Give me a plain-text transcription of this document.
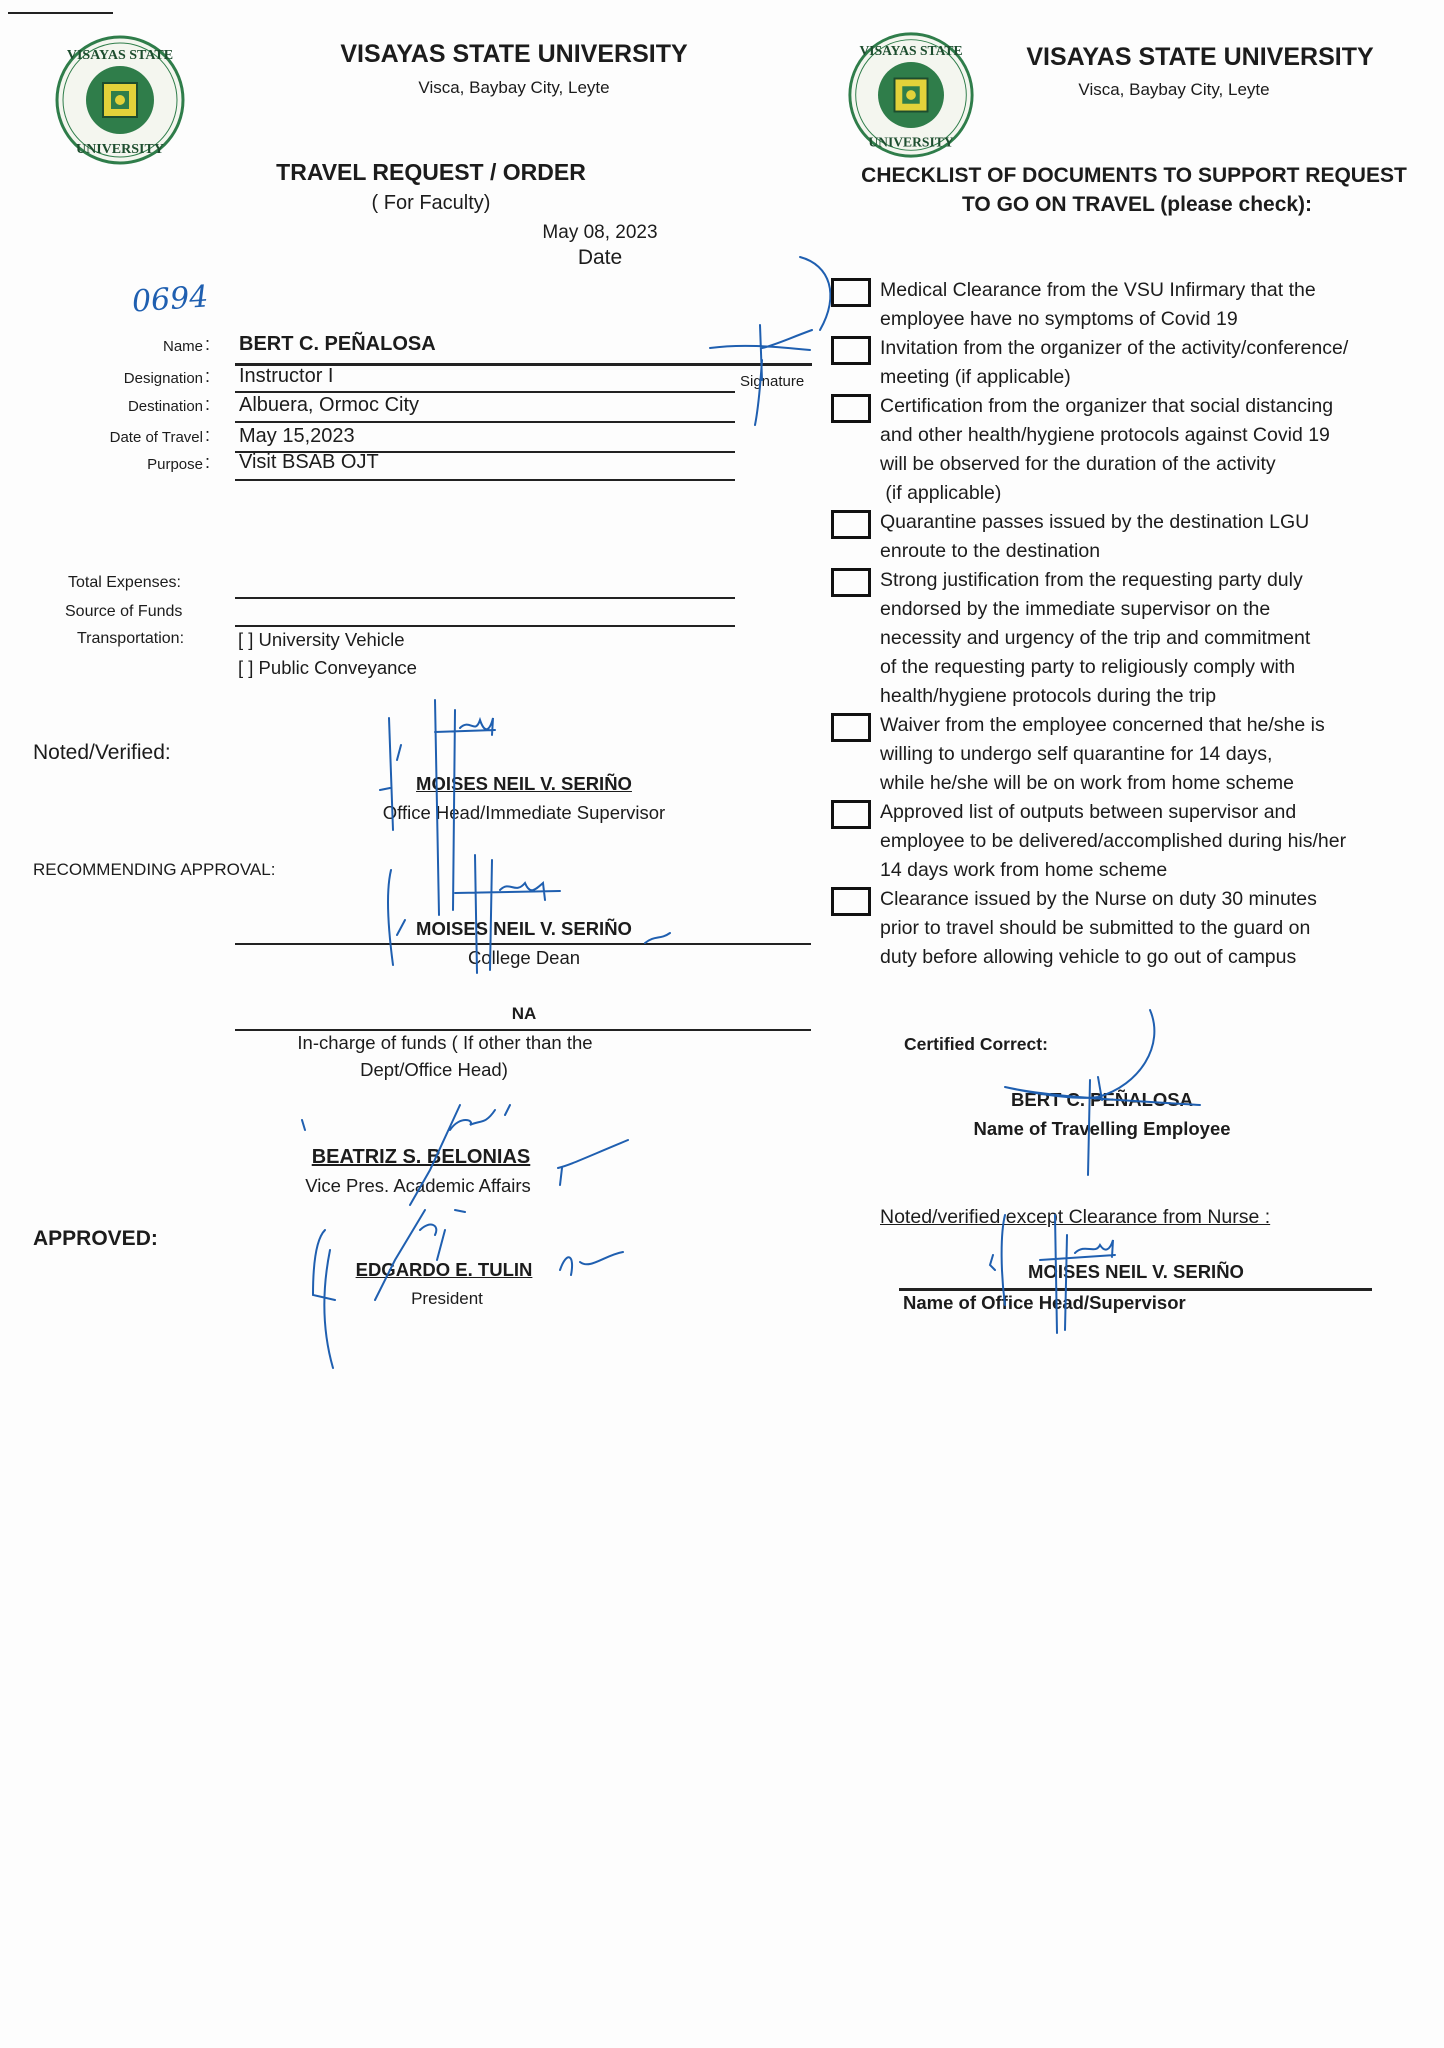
VISAYAS STATE
UNIVERSITY
VISAYAS STATE UNIVERSITY
Visca, Baybay City, Leyte
TRAVEL REQUEST / ORDER
( For Faculty)
May 08, 2023
Date
0694
Name : BERT C. PEÑALOSA
Designation : Instructor I	Signature
Destination : Albuera, Ormoc City
Date of Travel : May 15,2023
Purpose : Visit BSAB OJT
Total Expenses:
Source of Funds
Transportation:	[ ] University Vehicle
[ ] Public Conveyance
Noted/Verified:
MOISES NEIL V. SERIÑO
Office Head/Immediate Supervisor
RECOMMENDING APPROVAL:
MOISES NEIL V. SERIÑO
College Dean
NA
In-charge of funds ( If other than the
Dept/Office Head)
BEATRIZ S. BELONIAS
Vice Pres. Academic Affairs
APPROVED:
EDGARDO E. TULIN
President
VISAYAS STATE
UNIVERSITY
VISAYAS STATE UNIVERSITY
Visca, Baybay City, Leyte
CHECKLIST OF DOCUMENTS TO SUPPORT REQUEST
TO GO ON TRAVEL (please check):
Medical Clearance from the VSU Infirmary that the
employee have no symptoms of Covid 19
Invitation from the organizer of the activity/conference/
meeting (if applicable)
Certification from the organizer that social distancing
and other health/hygiene protocols against Covid 19
will be observed for the duration of the activity
(if applicable)
Quarantine passes issued by the destination LGU
enroute to the destination
Strong justification from the requesting party duly
endorsed by the immediate supervisor on the
necessity and urgency of the trip and commitment
of the requesting party to religiously comply with
health/hygiene protocols during the trip
Waiver from the employee concerned that he/she is
willing to undergo self quarantine for 14 days,
while he/she will be on work from home scheme
Approved list of outputs between supervisor and
employee to be delivered/accomplished during his/her
14 days work from home scheme
Clearance issued by the Nurse on duty 30 minutes
prior to travel should be submitted to the guard on
duty before allowing vehicle to go out of campus
Certified Correct:
BERT C. PEÑALOSA
Name of Travelling Employee
Noted/verified except Clearance from Nurse :
MOISES NEIL V. SERIÑO
Name of Office Head/Supervisor
